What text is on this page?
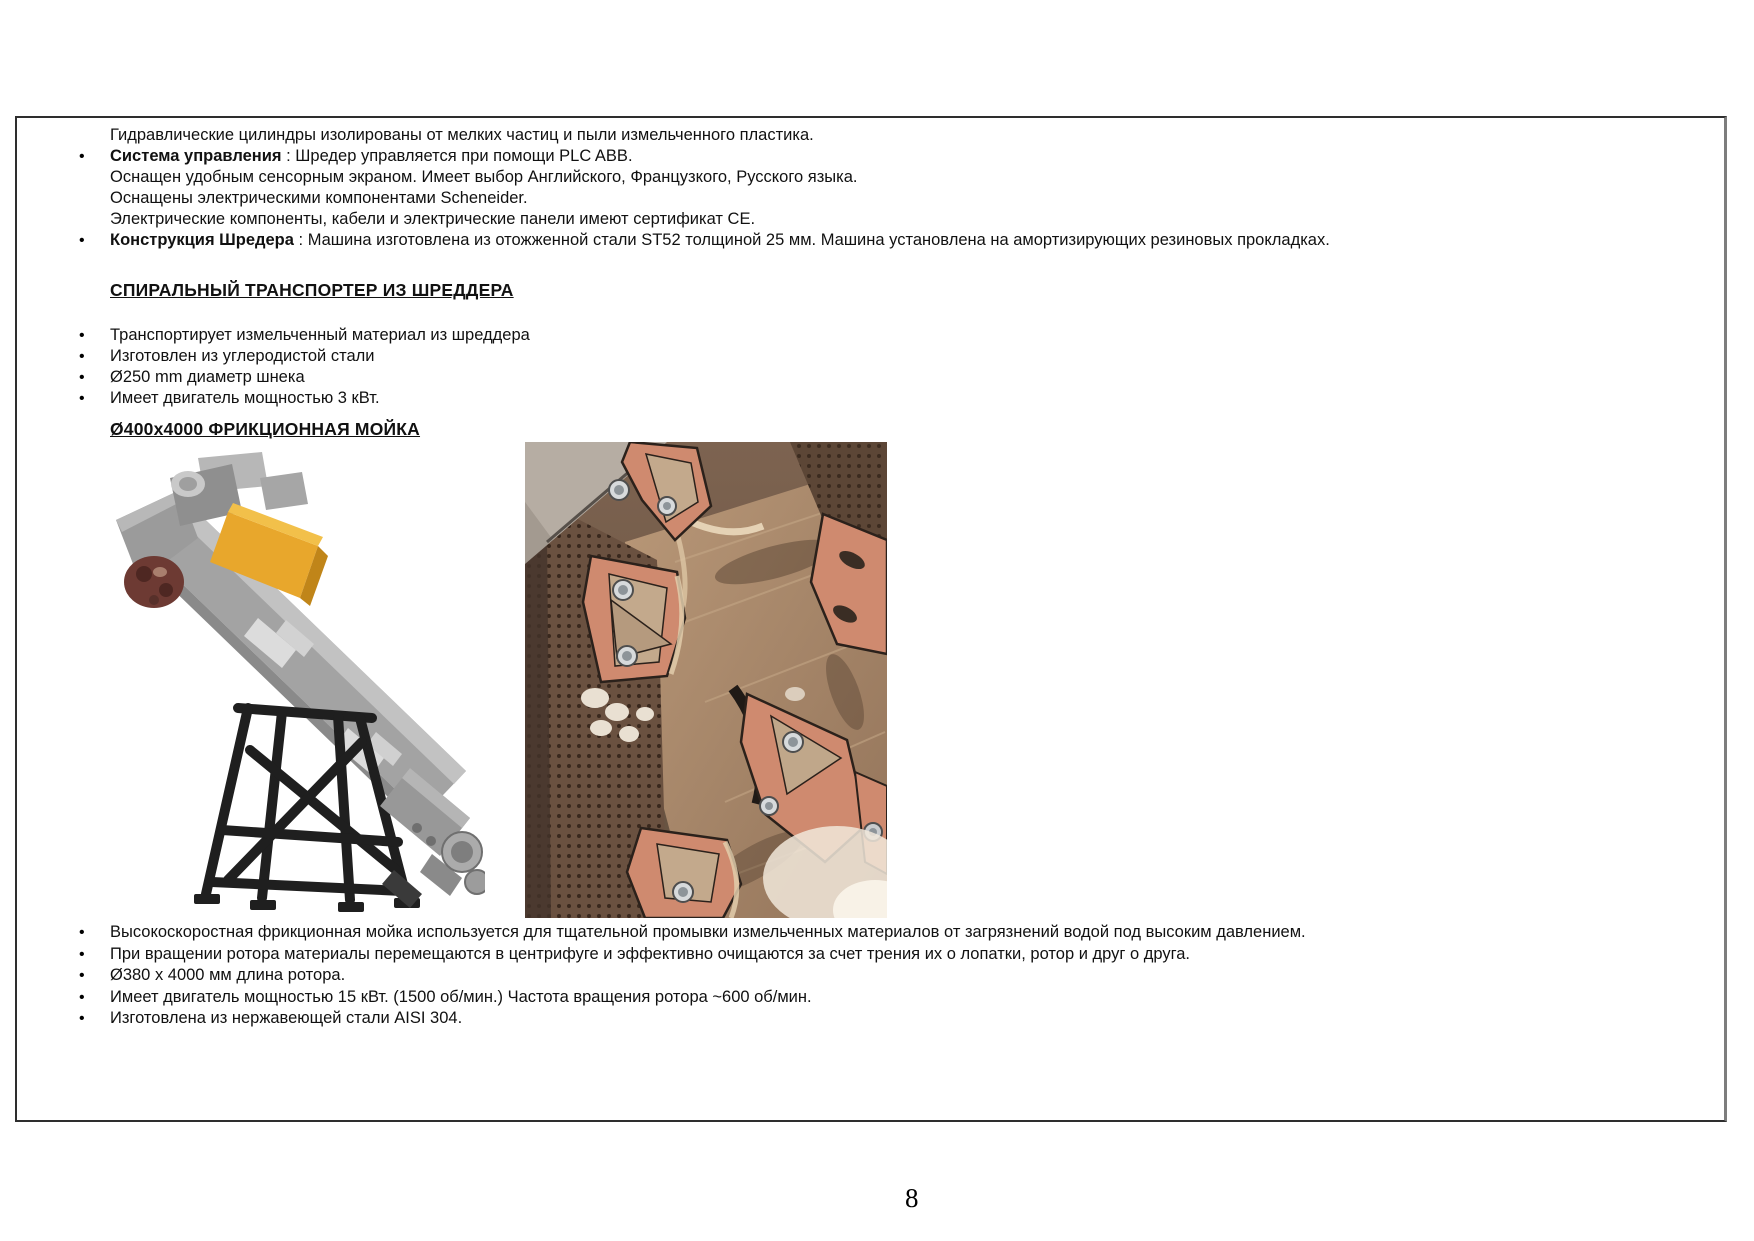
Гидравлические цилиндры изолированы от мелких частиц и пыли измельченного пластика.

• Система управления : Шредер управляется при помощи PLC ABB.
Оснащен удобным сенсорным экраном. Имеет выбор Английского, Французкого, Русского языка.
Оснащены электрическими компонентами Scheneider.
Электрические компоненты, кабели и электрические панели имеют сертификат CE.
• Конструкция Шредера : Машина изготовлена из отожженной стали ST52 толщиной 25 мм. Машина установлена на амортизирующих резиновых прокладках.
СПИРАЛЬНЫЙ ТРАНСПОРТЕР ИЗ ШРЕДДЕРА
• Транспортирует измельченный материал из шреддера
• Изготовлен из углеродистой стали
• Ø250 mm диаметр шнека
• Имеет двигатель мощностью 3 кВт.
Ø400x4000 ФРИКЦИОННАЯ МОЙКА
• Высокоскоростная фрикционная мойка используется для тщательной промывки измельченных материалов от загрязнений водой под высоким давлением.
• При вращении ротора материалы перемещаются в центрифуге и эффективно очищаются за счет трения их о лопатки, ротор и друг о друга.
• Ø380 x 4000 мм длина ротора.
• Имеет двигатель мощностью 15 кВт. (1500 об/мин.) Частота вращения ротора ~600 об/мин.
• Изготовлена из нержавеющей стали AISI 304.
8
